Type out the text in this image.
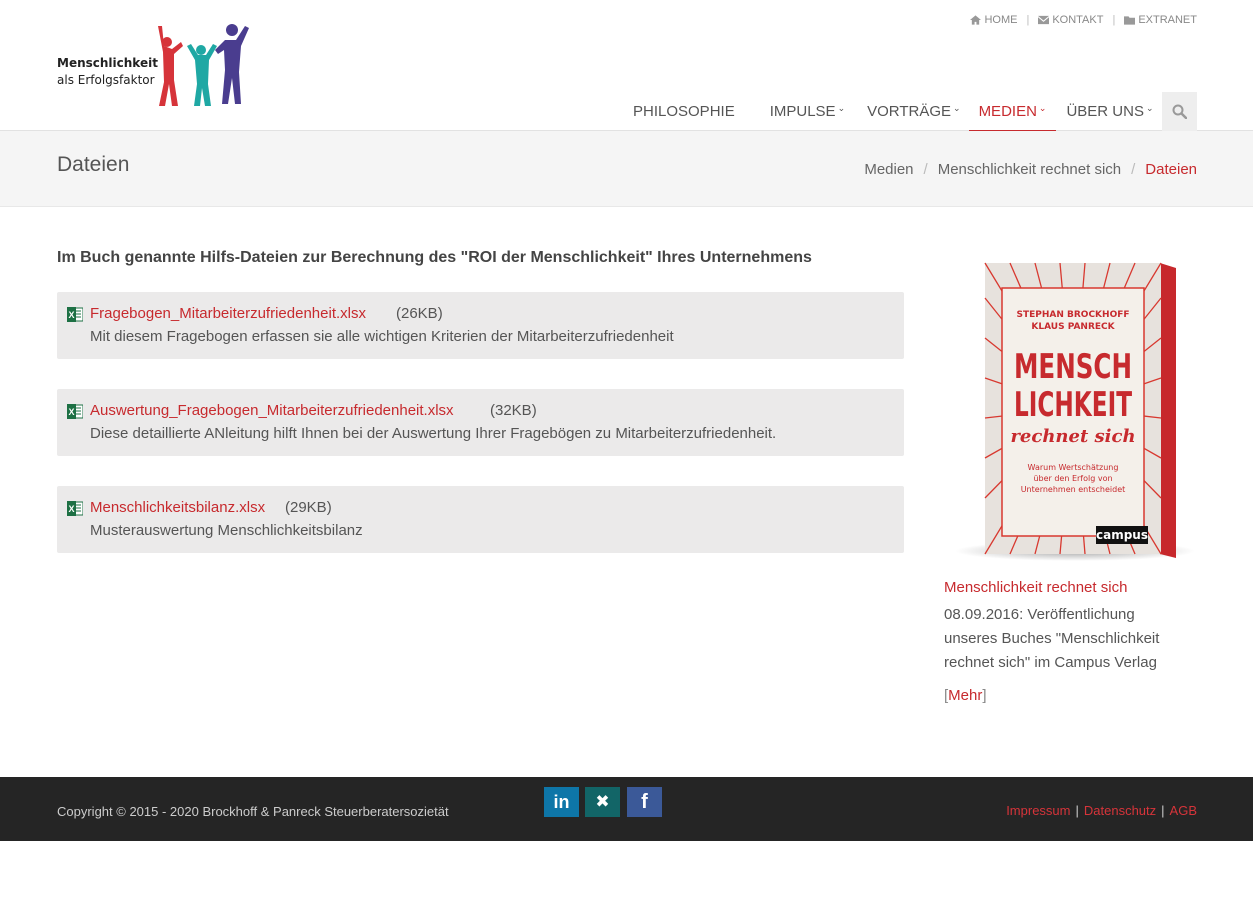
Menschlichkeit
als Erfolgsfaktor
HOME | KONTAKT | EXTRANET
PHILOSOPHIE IMPULSE ⌄ VORTRÄGE ⌄ MEDIEN ⌄ ÜBER UNS ⌄
Dateien	Medien / Menschlichkeit rechnet sich / Dateien
Im Buch genannte Hilfs-Dateien zur Berechnung des "ROI der Menschlichkeit" Ihres Unternehmens
X Fragebogen_Mitarbeiterzufriedenheit.xlsx (26KB)
Mit diesem Fragebogen erfassen sie alle wichtigen Kriterien der Mitarbeiterzufriedenheit
X Auswertung_Fragebogen_Mitarbeiterzufriedenheit.xlsx (32KB)
Diese detaillierte ANleitung hilft Ihnen bei der Auswertung Ihrer Fragebögen zu Mitarbeiterzufriedenheit.
X Menschlichkeitsbilanz.xlsx (29KB)
Musterauswertung Menschlichkeitsbilanz
STEPHAN BROCKHOFF
KLAUS PANRECK
MENSCH
LICHKEIT
rechnet sich
Warum Wertschätzung
über den Erfolg von
Unternehmen entscheidet
campus
Menschlichkeit rechnet sich
08.09.2016: Veröffentlichung unseres Buches "Menschlichkeit rechnet sich" im Campus Verlag
[Mehr]
Copyright © 2015 - 2020 Brockhoff & Panreck Steuerberatersozietät	in ✖ f	Impressum | Datenschutz | AGB
